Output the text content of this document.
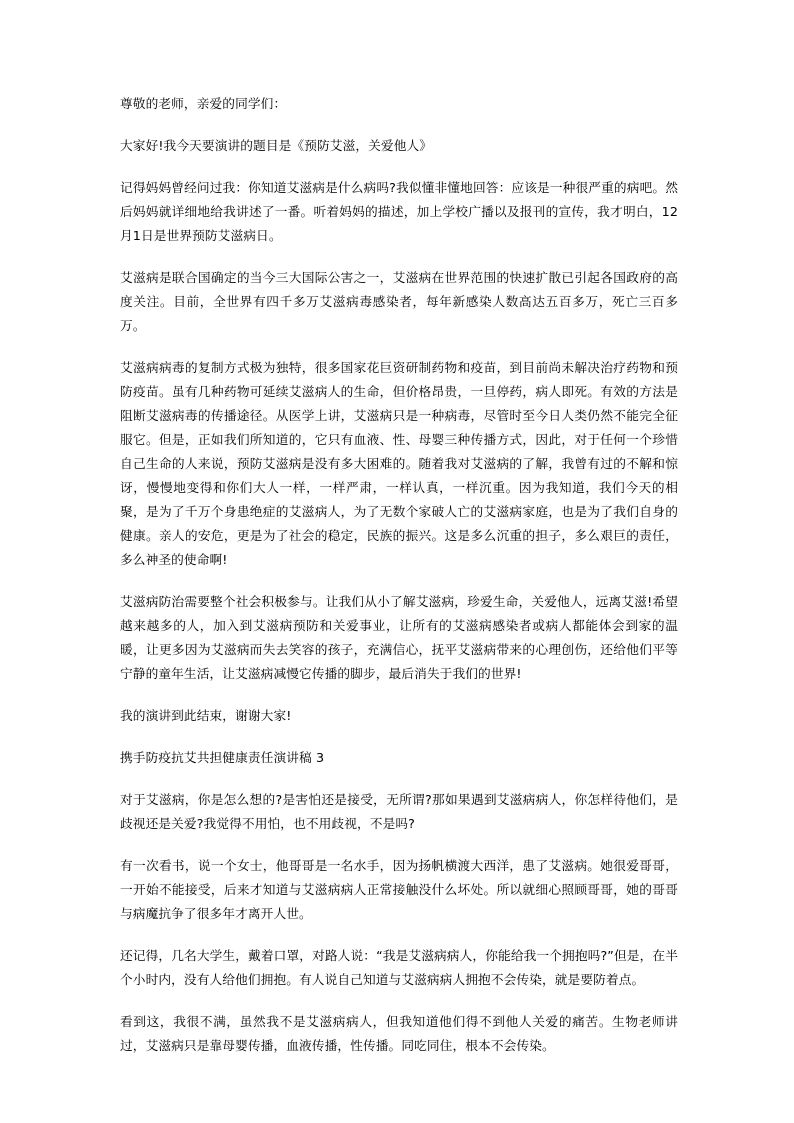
尊敬的老师，亲爱的同学们：

大家好!我今天要演讲的题目是《预防艾滋，关爱他人》

记得妈妈曾经问过我：你知道艾滋病是什么病吗?我似懂非懂地回答：应该是一种很严重的病吧。然后妈妈就详细地给我讲述了一番。听着妈妈的描述，加上学校广播以及报刊的宣传，我才明白，12月1日是世界预防艾滋病日。

艾滋病是联合国确定的当今三大国际公害之一，艾滋病在世界范围的快速扩散已引起各国政府的高度关注。目前，全世界有四千多万艾滋病毒感染者，每年新感染人数高达五百多万，死亡三百多万。

艾滋病病毒的复制方式极为独特，很多国家花巨资研制药物和疫苗，到目前尚未解决治疗药物和预防疫苗。虽有几种药物可延续艾滋病人的生命，但价格昂贵，一旦停药，病人即死。有效的方法是阻断艾滋病毒的传播途径。从医学上讲，艾滋病只是一种病毒，尽管时至今日人类仍然不能完全征服它。但是，正如我们所知道的，它只有血液、性、母婴三种传播方式，因此，对于任何一个珍惜自己生命的人来说，预防艾滋病是没有多大困难的。随着我对艾滋病的了解，我曾有过的不解和惊讶，慢慢地变得和你们大人一样，一样严肃，一样认真，一样沉重。因为我知道，我们今天的相聚，是为了千万个身患绝症的艾滋病人，为了无数个家破人亡的艾滋病家庭，也是为了我们自身的健康。亲人的安危，更是为了社会的稳定，民族的振兴。这是多么沉重的担子，多么艰巨的责任，多么神圣的使命啊!

艾滋病防治需要整个社会积极参与。让我们从小了解艾滋病，珍爱生命，关爱他人，远离艾滋!希望越来越多的人，加入到艾滋病预防和关爱事业，让所有的艾滋病感染者或病人都能体会到家的温暖，让更多因为艾滋病而失去笑容的孩子，充满信心，抚平艾滋病带来的心理创伤，还给他们平等宁静的童年生活，让艾滋病减慢它传播的脚步，最后消失于我们的世界!

我的演讲到此结束，谢谢大家!

携手防疫抗艾共担健康责任演讲稿 3

对于艾滋病，你是怎么想的?是害怕还是接受，无所谓?那如果遇到艾滋病病人，你怎样待他们，是歧视还是关爱?我觉得不用怕，也不用歧视，不是吗?

有一次看书，说一个女士，他哥哥是一名水手，因为扬帆横渡大西洋，患了艾滋病。她很爱哥哥，一开始不能接受，后来才知道与艾滋病病人正常接触没什么坏处。所以就细心照顾哥哥，她的哥哥与病魔抗争了很多年才离开人世。

还记得，几名大学生，戴着口罩，对路人说：“我是艾滋病病人，你能给我一个拥抱吗?”但是，在半个小时内，没有人给他们拥抱。有人说自己知道与艾滋病病人拥抱不会传染，就是要防着点。

看到这，我很不满，虽然我不是艾滋病病人，但我知道他们得不到他人关爱的痛苦。生物老师讲过，艾滋病只是靠母婴传播，血液传播，性传播。同吃同住，根本不会传染。
